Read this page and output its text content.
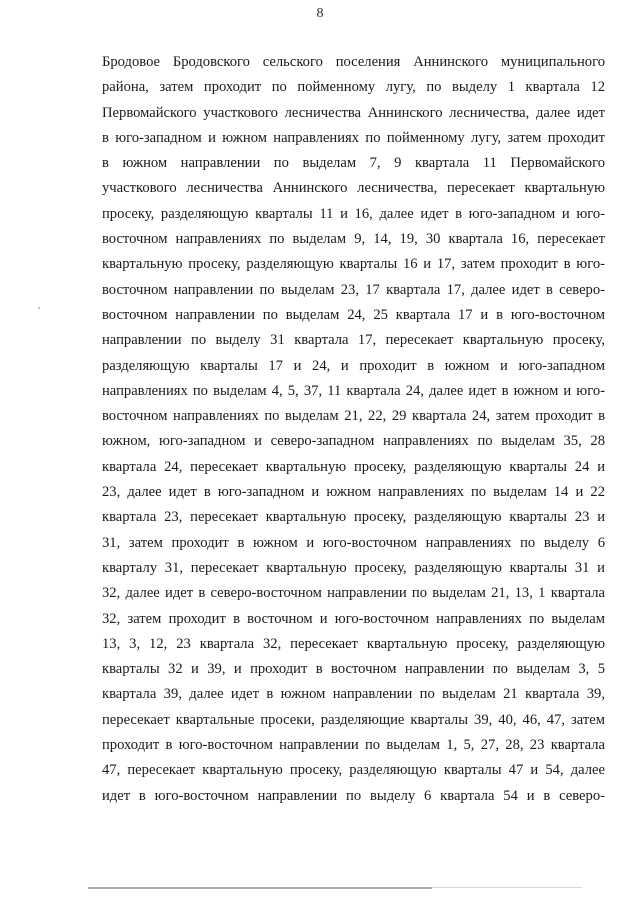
8
Бродовое Бродовского сельского поселения Аннинского муниципального
района, затем проходит по пойменному лугу, по выделу 1 квартала 12
Первомайского участкового лесничества Аннинского лесничества, далее идет
в юго-западном и южном направлениях по пойменному лугу, затем проходит
в южном направлении по выделам 7, 9 квартала 11 Первомайского
участкового лесничества Аннинского лесничества, пересекает квартальную
просеку, разделяющую кварталы 11 и 16, далее идет в юго-западном и юго-
восточном направлениях по выделам 9, 14, 19, 30 квартала 16, пересекает
квартальную просеку, разделяющую кварталы 16 и 17, затем проходит в юго-
восточном направлении по выделам 23, 17 квартала 17, далее идет в северо-
восточном направлении по выделам 24, 25 квартала 17 и в юго-восточном
направлении по выделу 31 квартала 17, пересекает квартальную просеку,
разделяющую кварталы 17 и 24, и проходит в южном и юго-западном
направлениях по выделам 4, 5, 37, 11 квартала 24, далее идет в южном и юго-
восточном направлениях по выделам 21, 22, 29 квартала 24, затем проходит в
южном, юго-западном и северо-западном направлениях по выделам 35, 28
квартала 24, пересекает квартальную просеку, разделяющую кварталы 24 и
23, далее идет в юго-западном и южном направлениях по выделам 14 и 22
квартала 23, пересекает квартальную просеку, разделяющую кварталы 23 и
31, затем проходит в южном и юго-восточном направлениях по выделу 6
кварталу 31, пересекает квартальную просеку, разделяющую кварталы 31 и
32, далее идет в северо-восточном направлении по выделам 21, 13, 1 квартала
32, затем проходит в восточном и юго-восточном направлениях по выделам
13, 3, 12, 23 квартала 32, пересекает квартальную просеку, разделяющую
кварталы 32 и 39, и проходит в восточном направлении по выделам 3, 5
квартала 39, далее идет в южном направлении по выделам 21 квартала 39,
пересекает квартальные просеки, разделяющие кварталы 39, 40, 46, 47, затем
проходит в юго-восточном направлении по выделам 1, 5, 27, 28, 23 квартала
47, пересекает квартальную просеку, разделяющую кварталы 47 и 54, далее
идет в юго-восточном направлении по выделу 6 квартала 54 и в северо-
